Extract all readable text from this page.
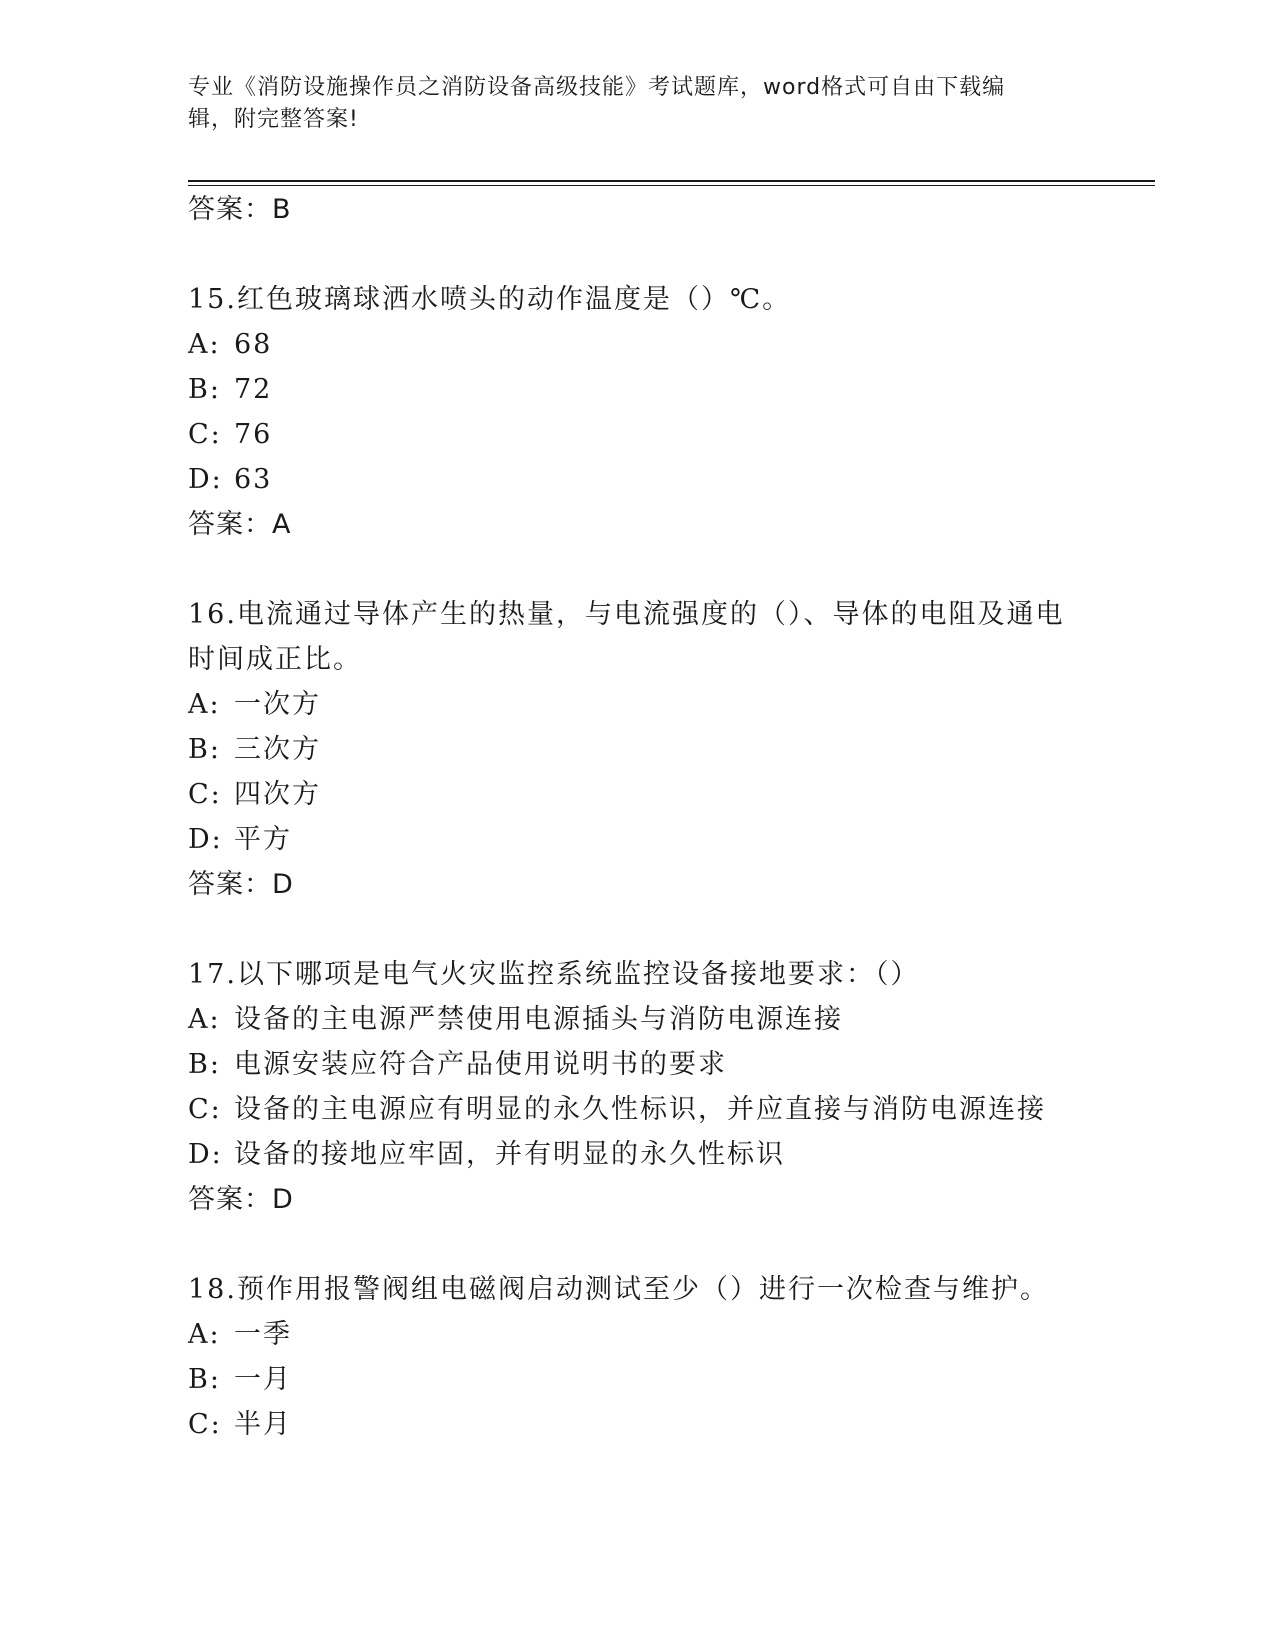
专业《消防设施操作员之消防设备高级技能》考试题库，word格式可自由下载编
辑，附完整答案!
答案：B
15.红色玻璃球洒水喷头的动作温度是（）℃。
A: 68
B: 72
C: 76
D: 63
答案：A
16.电流通过导体产生的热量，与电流强度的（）、导体的电阻及通电
时间成正比。
A: 一次方
B: 三次方
C: 四次方
D: 平方
答案：D
17.以下哪项是电气火灾监控系统监控设备接地要求：（）
A: 设备的主电源严禁使用电源插头与消防电源连接
B: 电源安装应符合产品使用说明书的要求
C: 设备的主电源应有明显的永久性标识，并应直接与消防电源连接
D: 设备的接地应牢固，并有明显的永久性标识
答案：D
18.预作用报警阀组电磁阀启动测试至少（）进行一次检查与维护。
A: 一季
B: 一月
C: 半月
